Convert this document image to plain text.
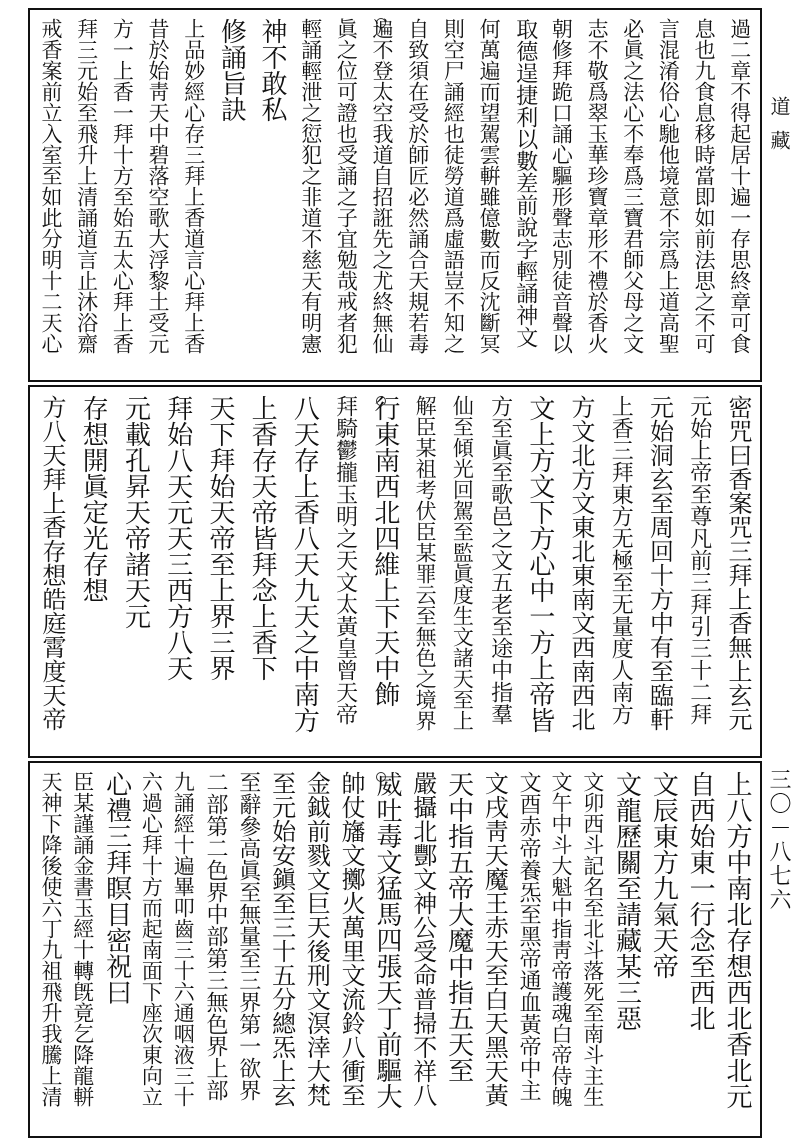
過二章不得起居十遍一存思終章可食
息也九食息移時當即如前法思之不可
言混淆俗心馳他境意不宗爲上道高聖
必眞之法心不奉爲三寶君師父母之文
志不敬爲翠玉華珍寶章形不禮於香火
朝修拜跪口誦心驅形聲志別徒音聲以
取德逞捷利以數差前說字輕誦神文
何萬遍而望駕雲輧雖億數而反沈斷冥
則空尸誦經也徒勞道爲虛語豈不知之
自致須在受於師匠必然誦合天規若毒
遍不登太空我道自招誑先之尤終無仙
眞之位可證也受誦之子宜勉哉戒者犯
輕誦輕泄之愆犯之非道不慈天有明憲
神不敢私
修誦旨訣
上品妙經心存三拜上香道言心拜上香
昔於始靑天中碧落空歌大浮黎土受元
方一上香一拜十方至始五太心拜上香
拜三元始至飛升上清誦道言止沐浴齋
戒香案前立入室至如此分明十二天心
密咒曰香案咒三拜上香無上玄元
元始上帝至尊凡前三拜引三十二拜
元始洞玄至周回十方中有至臨軒
上香三拜東方无極至无量度人南方
方文北方文東北東南文西南西北
文上方文下方心中一方上帝皆
方至眞至歌邑之文五老至途中指羣
仙至傾光回駕至監眞度生文諸天至上
解臣某祖考伏臣某罪云至無色之境界
行東南西北四維上下天中飾
拜騎鬱攏玉明之天文太黃皇曾天帝
八天存上香八天九天之中南方
上香存天帝皆拜念上香下
天下拜始天帝至上界三界
拜始八天元天三西方八天
元載孔昇天帝諸天元
存想開眞定光存想
方八天拜上香存想皓庭霄度天帝
上八方中南北存想西北香北元
自西始東一行念至西北
文辰東方九氣天帝
文龍歷關至請藏某三惡
文卯西斗記名至北斗落死至南斗主生
文午中斗大魁中指靑帝護魂白帝侍魄
文酉赤帝養炁至黑帝通血黃帝中主
文戌靑天魔王赤天至白天黑天黃
天中指五帝大魔中指五天至
嚴攝北酆文神公受命普掃不祥八
威吐毒文猛馬四張天丁前驅大
帥仗旛文擲火萬里文流鈴八衝至
金鉞前戮文巨天後刑文溟涬大梵
至元始安鎭至三十五分總炁上玄
至辭參高眞至無量至三界第一欲界
二部第二色界中部第三無色界上部
九誦經十遍畢叩齒三十六通咽液三十
六過心拜十方而起南面下座次東向立
心禮三拜瞑目密祝曰
臣某謹誦金書玉經十轉旣竟乞降龍軿
天神下降後使六丁九祖飛升我騰上清
道藏
三〇－八七六
